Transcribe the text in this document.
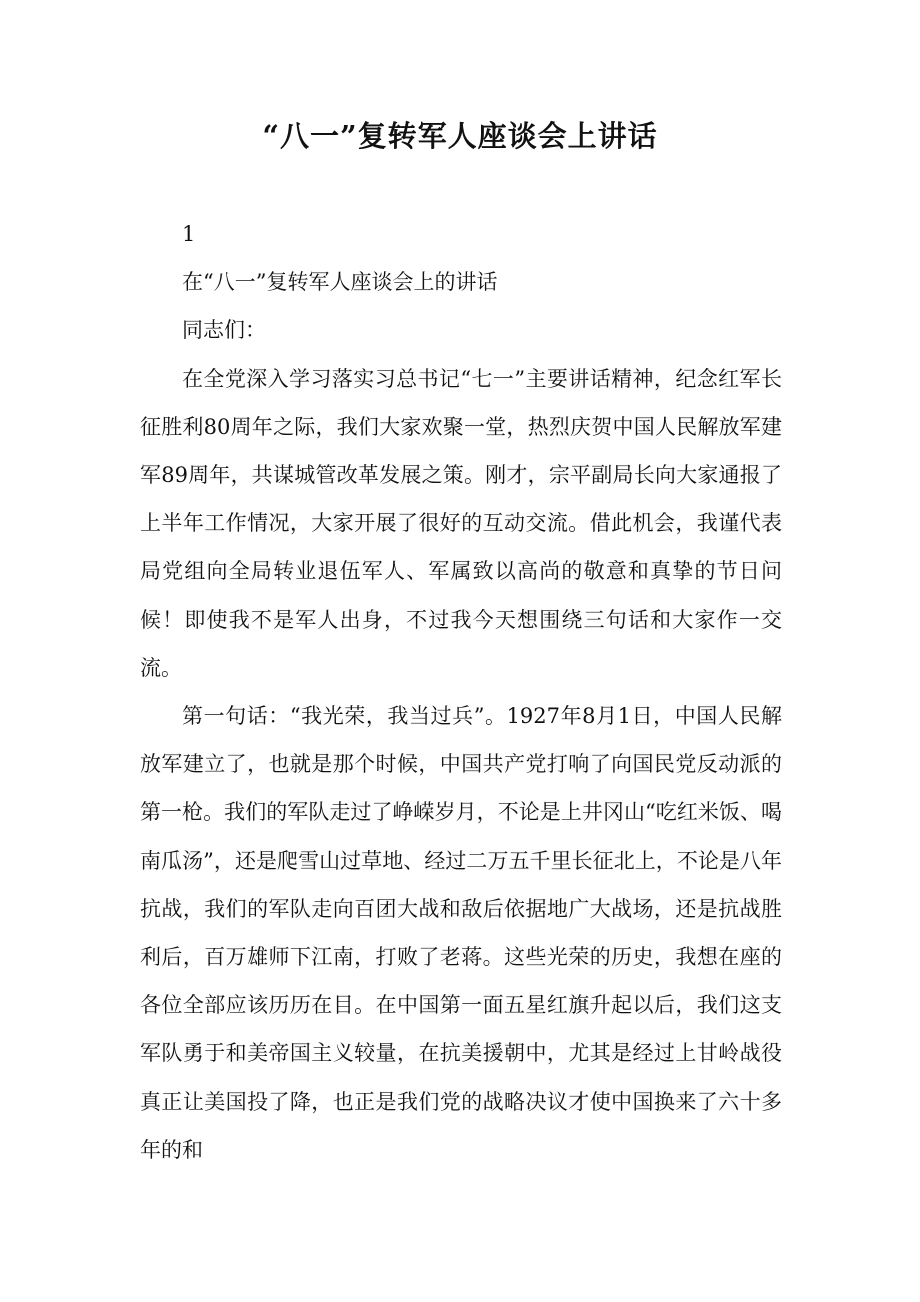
“八一”复转军人座谈会上讲话

1

在“八一”复转军人座谈会上的讲话

同志们：

在全党深入学习落实习总书记“七一”主要讲话精神，纪念红军长征胜利80周年之际，我们大家欢聚一堂，热烈庆贺中国人民解放军建军89周年，共谋城管改革发展之策。刚才，宗平副局长向大家通报了上半年工作情况，大家开展了很好的互动交流。借此机会，我谨代表局党组向全局转业退伍军人、军属致以高尚的敬意和真挚的节日问候！即使我不是军人出身，不过我今天想围绕三句话和大家作一交流。

第一句话：“我光荣，我当过兵”。1927年8月1日，中国人民解放军建立了，也就是那个时候，中国共产党打响了向国民党反动派的第一枪。我们的军队走过了峥嵘岁月，不论是上井冈山“吃红米饭、喝南瓜汤”，还是爬雪山过草地、经过二万五千里长征北上，不论是八年抗战，我们的军队走向百团大战和敌后依据地广大战场，还是抗战胜利后，百万雄师下江南，打败了老蒋。这些光荣的历史，我想在座的各位全部应该历历在目。在中国第一面五星红旗升起以后，我们这支军队勇于和美帝国主义较量，在抗美援朝中，尤其是经过上甘岭战役真正让美国投了降，也正是我们党的战略决议才使中国换来了六十多年的和
